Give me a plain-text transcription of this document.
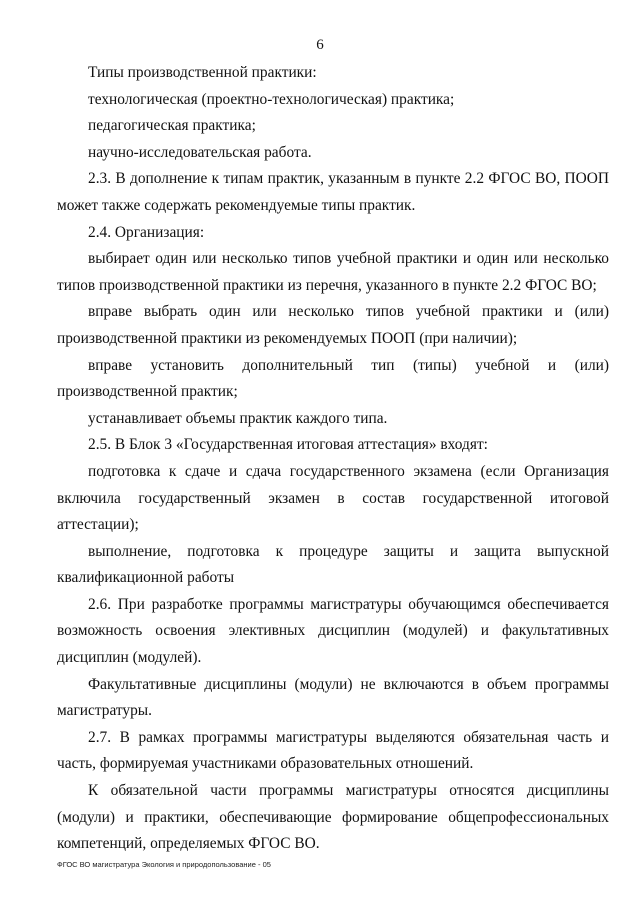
6

Типы производственной практики:

технологическая (проектно-технологическая) практика;

педагогическая практика;

научно-исследовательская работа.

2.3. В дополнение к типам практик, указанным в пункте 2.2 ФГОС ВО, ПООП может также содержать рекомендуемые типы практик.

2.4. Организация:

выбирает один или несколько типов учебной практики и один или несколько типов производственной практики из перечня, указанного в пункте 2.2 ФГОС ВО;

вправе выбрать один или несколько типов учебной практики и (или) производственной практики из рекомендуемых ПООП (при наличии);

вправе установить дополнительный тип (типы) учебной и (или) производственной практик;

устанавливает объемы практик каждого типа.

2.5. В Блок 3 «Государственная итоговая аттестация» входят:

подготовка к сдаче и сдача государственного экзамена (если Организация включила государственный экзамен в состав государственной итоговой аттестации);

выполнение, подготовка к процедуре защиты и защита выпускной квалификационной работы

2.6. При разработке программы магистратуры обучающимся обеспечивается возможность освоения элективных дисциплин (модулей) и факультативных дисциплин (модулей).

Факультативные дисциплины (модули) не включаются в объем программы магистратуры.

2.7. В рамках программы магистратуры выделяются обязательная часть и часть, формируемая участниками образовательных отношений.

К обязательной части программы магистратуры относятся дисциплины (модули) и практики, обеспечивающие формирование общепрофессиональных компетенций, определяемых ФГОС ВО.

ФГОС ВО магистратура Экология и природопользование - 05
